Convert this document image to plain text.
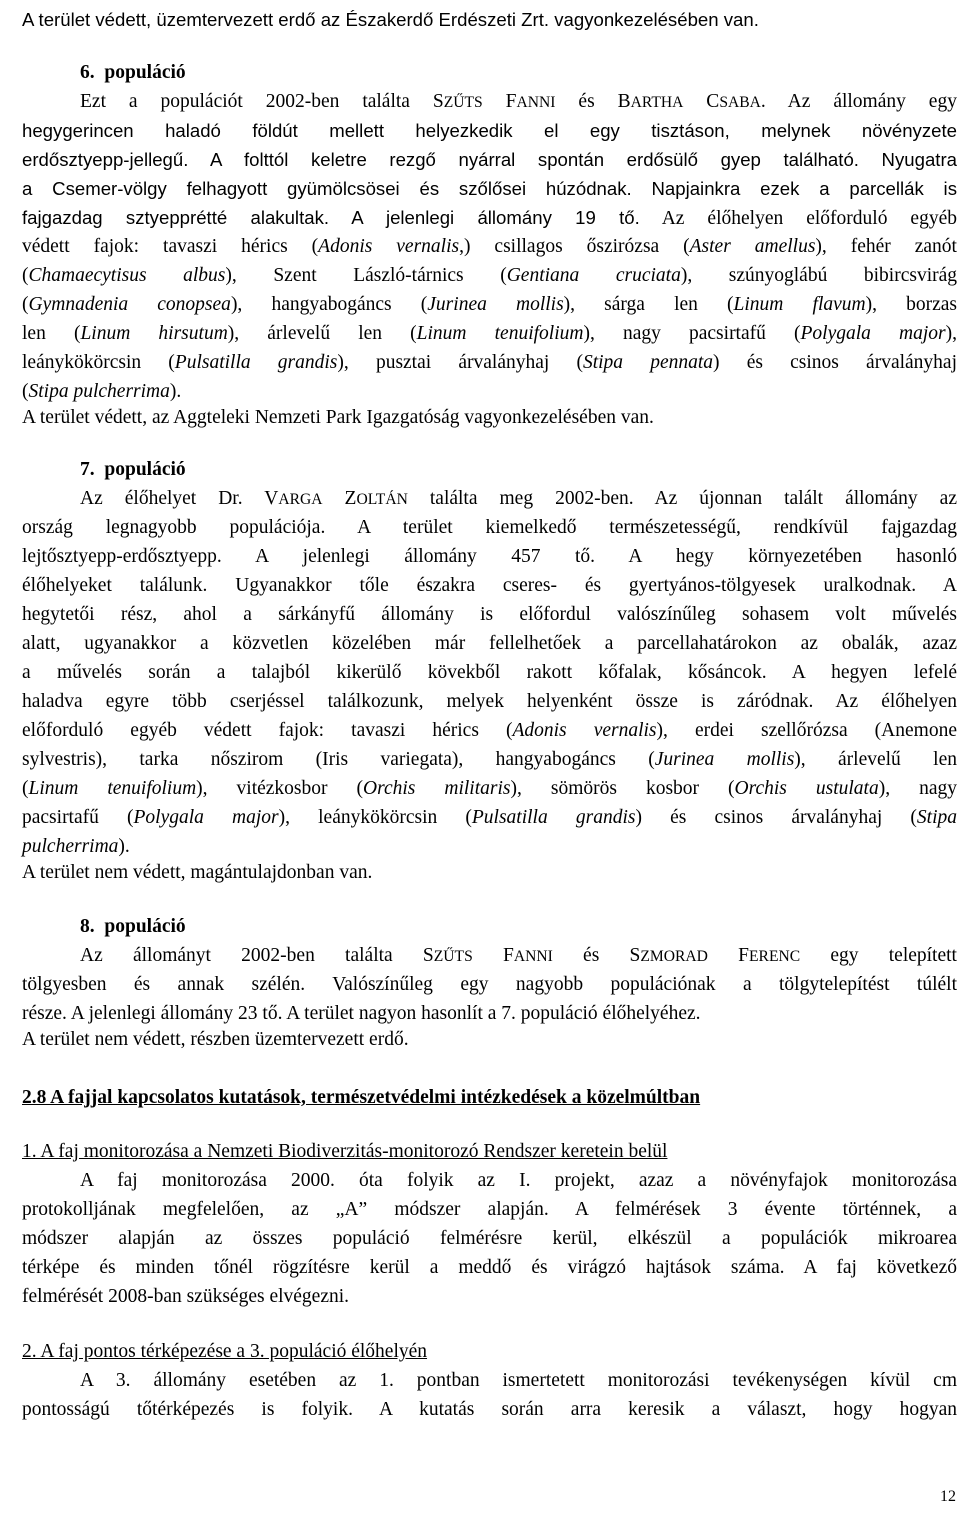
A terület védett, üzemtervezett erdő az Északerdő Erdészeti Zrt. vagyonkezelésében van.
6. populáció
Ezt a populációt 2002-ben találta SZŰTS FANNI és BARTHA CSABA. Az állomány egy
hegygerincen haladó földút mellett helyezkedik el egy tisztáson, melynek növényzete
erdősztyepp-jellegű. A folttól keletre rezgő nyárral spontán erdősülő gyep található. Nyugatra
a Csemer-völgy felhagyott gyümölcsösei és szőlősei húzódnak. Napjainkra ezek a parcellák is
fajgazdag sztyepprétté alakultak. A jelenlegi állomány 19 tő. Az élőhelyen előforduló egyéb
védett fajok: tavaszi hérics (Adonis vernalis,) csillagos őszirózsa (Aster amellus), fehér zanót
(Chamaecytisus albus), Szent László-tárnics (Gentiana cruciata), szúnyoglábú bibircsvirág
(Gymnadenia conopsea), hangyabogáncs (Jurinea mollis), sárga len (Linum flavum), borzas
len (Linum hirsutum), árlevelű len (Linum tenuifolium), nagy pacsirtafű (Polygala major),
leánykökörcsin (Pulsatilla grandis), pusztai árvalányhaj (Stipa pennata) és csinos árvalányhaj
(Stipa pulcherrima).
A terület védett, az Aggteleki Nemzeti Park Igazgatóság vagyonkezelésében van.
7. populáció
Az élőhelyet Dr. VARGA ZOLTÁN találta meg 2002-ben. Az újonnan talált állomány az
ország legnagyobb populációja. A terület kiemelkedő természetességű, rendkívül fajgazdag
lejtősztyepp-erdősztyepp. A jelenlegi állomány 457 tő. A hegy környezetében hasonló
élőhelyeket találunk. Ugyanakkor tőle északra cseres- és gyertyános-tölgyesek uralkodnak. A
hegytetői rész, ahol a sárkányfű állomány is előfordul valószínűleg sohasem volt művelés
alatt, ugyanakkor a közvetlen közelében már fellelhetőek a parcellahatárokon az obalák, azaz
a művelés során a talajból kikerülő kövekből rakott kőfalak, kősáncok. A hegyen lefelé
haladva egyre több cserjéssel találkozunk, melyek helyenként össze is záródnak. Az élőhelyen
előforduló egyéb védett fajok: tavaszi hérics (Adonis vernalis), erdei szellőrózsa (Anemone
sylvestris), tarka nőszirom (Iris variegata), hangyabogáncs (Jurinea mollis), árlevelű len
(Linum tenuifolium), vitézkosbor (Orchis militaris), sömörös kosbor (Orchis ustulata), nagy
pacsirtafű (Polygala major), leánykökörcsin (Pulsatilla grandis) és csinos árvalányhaj (Stipa
pulcherrima).
A terület nem védett, magántulajdonban van.
8. populáció
Az állományt 2002-ben találta SZŰTS FANNI és SZMORAD FERENC egy telepített
tölgyesben és annak szélén. Valószínűleg egy nagyobb populációnak a tölgytelepítést túlélt
része. A jelenlegi állomány 23 tő. A terület nagyon hasonlít a 7. populáció élőhelyéhez.
A terület nem védett, részben üzemtervezett erdő.
2.8 A fajjal kapcsolatos kutatások, természetvédelmi intézkedések a közelmúltban
1. A faj monitorozása a Nemzeti Biodiverzitás-monitorozó Rendszer keretein belül
A faj monitorozása 2000. óta folyik az I. projekt, azaz a növényfajok monitorozása
protokolljának megfelelően, az „A” módszer alapján. A felmérések 3 évente történnek, a
módszer alapján az összes populáció felmérésre kerül, elkészül a populációk mikroarea
térképe és minden tőnél rögzítésre kerül a meddő és virágzó hajtások száma. A faj következő
felmérését 2008-ban szükséges elvégezni.
2. A faj pontos térképezése a 3. populáció élőhelyén
A 3. állomány esetében az 1. pontban ismertetett monitorozási tevékenységen kívül cm
pontosságú tőtérképezés is folyik. A kutatás során arra keresik a választ, hogy hogyan
12
